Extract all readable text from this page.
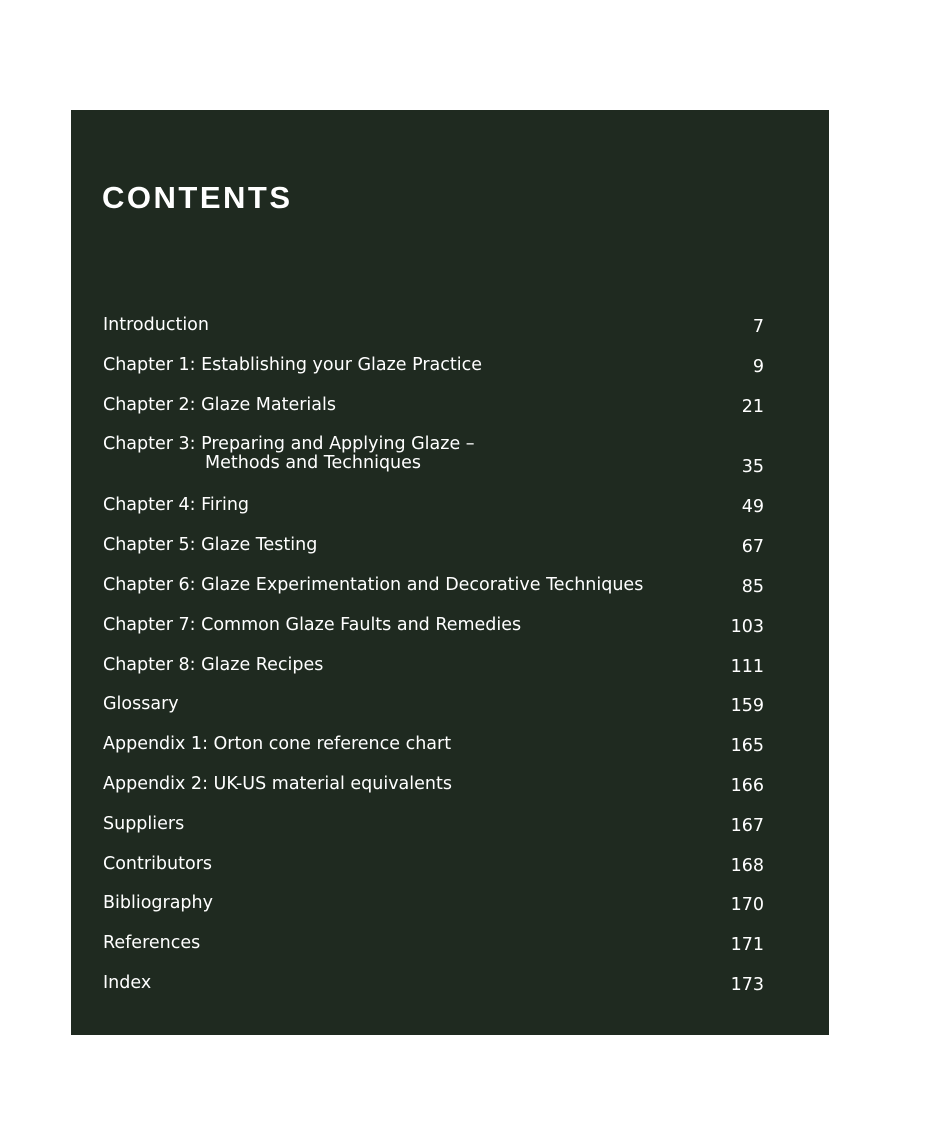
CONTENTS
Introduction	7
Chapter 1: Establishing your Glaze Practice	9
Chapter 2: Glaze Materials	21
Chapter 3: Preparing and Applying Glaze –
Methods and Techniques	35
Chapter 4: Firing	49
Chapter 5: Glaze Testing	67
Chapter 6: Glaze Experimentation and Decorative Techniques	85
Chapter 7: Common Glaze Faults and Remedies	103
Chapter 8: Glaze Recipes	111
Glossary	159
Appendix 1: Orton cone reference chart	165
Appendix 2: UK-US material equivalents	166
Suppliers	167
Contributors	168
Bibliography	170
References	171
Index	173
